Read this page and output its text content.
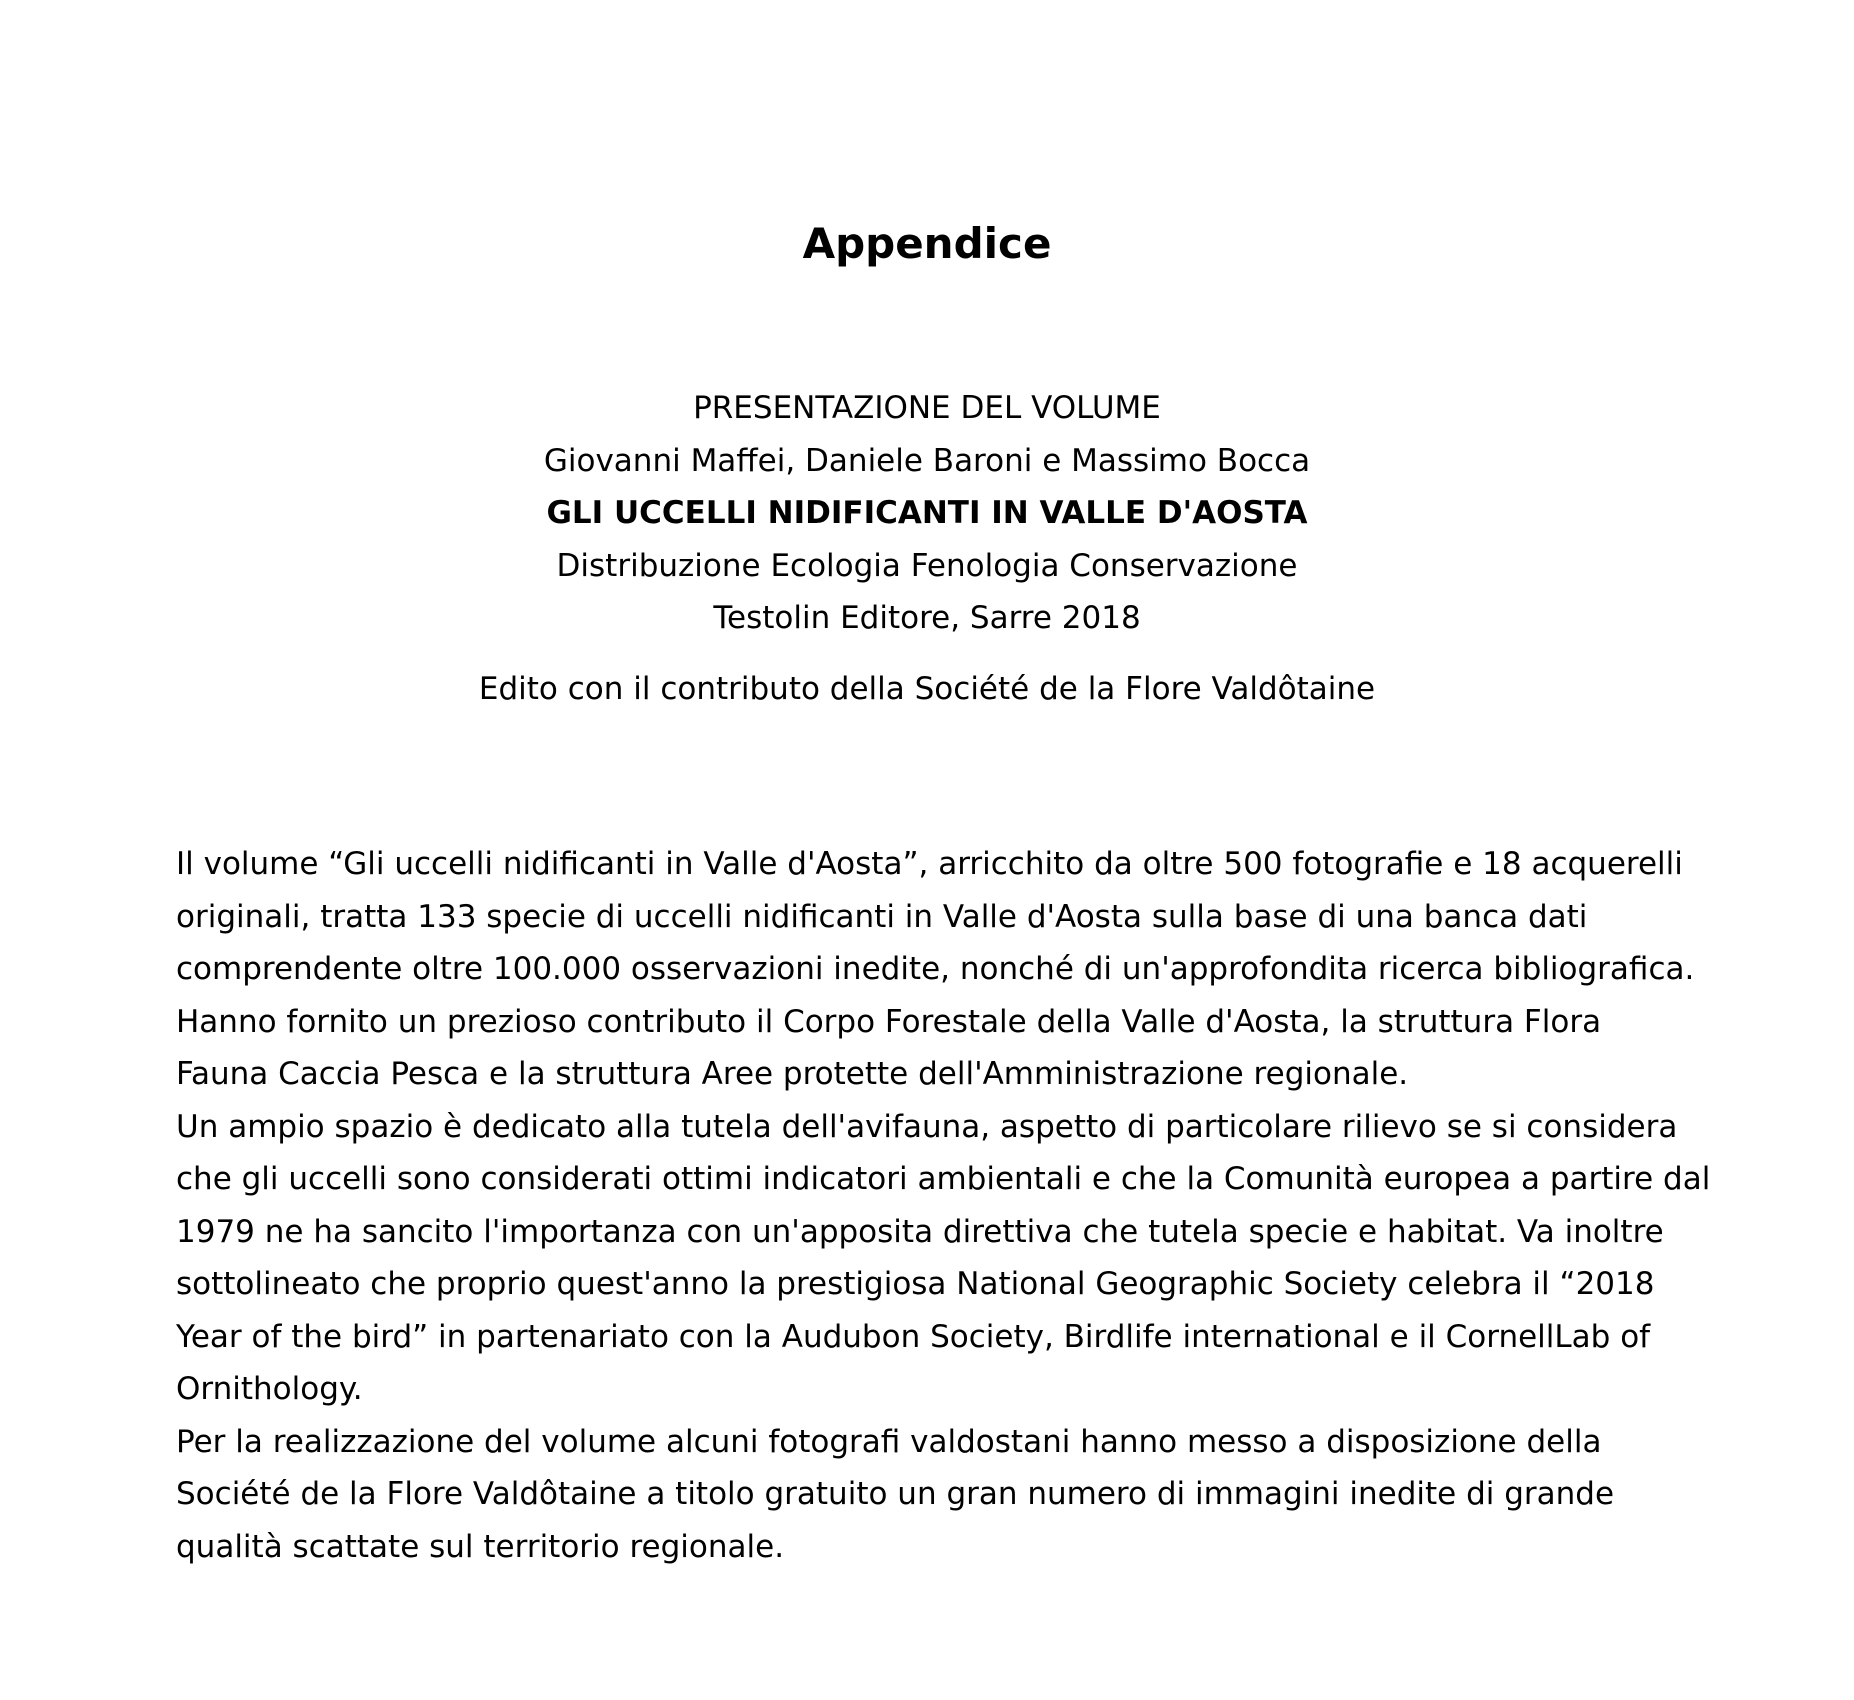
Appendice
PRESENTAZIONE DEL VOLUME
Giovanni Maffei, Daniele Baroni e Massimo Bocca
GLI UCCELLI NIDIFICANTI IN VALLE D'AOSTA
Distribuzione Ecologia Fenologia Conservazione
Testolin Editore, Sarre 2018
Edito con il contributo della Société de la Flore Valdôtaine
Il volume “Gli uccelli nidificanti in Valle d'Aosta”, arricchito da oltre 500 fotografie e 18 acquerelli
originali, tratta 133 specie di uccelli nidificanti in Valle d'Aosta sulla base di una banca dati
comprendente oltre 100.000 osservazioni inedite, nonché di un'approfondita ricerca bibliografica.
Hanno fornito un prezioso contributo il Corpo Forestale della Valle d'Aosta, la struttura Flora
Fauna Caccia Pesca e la struttura Aree protette dell'Amministrazione regionale.
Un ampio spazio è dedicato alla tutela dell'avifauna, aspetto di particolare rilievo se si considera
che gli uccelli sono considerati ottimi indicatori ambientali e che la Comunità europea a partire dal
1979 ne ha sancito l'importanza con un'apposita direttiva che tutela specie e habitat. Va inoltre
sottolineato che proprio quest'anno la prestigiosa National Geographic Society celebra il “2018
Year of the bird” in partenariato con la Audubon Society, Birdlife international e il CornellLab of
Ornithology.
Per la realizzazione del volume alcuni fotografi valdostani hanno messo a disposizione della
Société de la Flore Valdôtaine a titolo gratuito un gran numero di immagini inedite di grande
qualità scattate sul territorio regionale.
